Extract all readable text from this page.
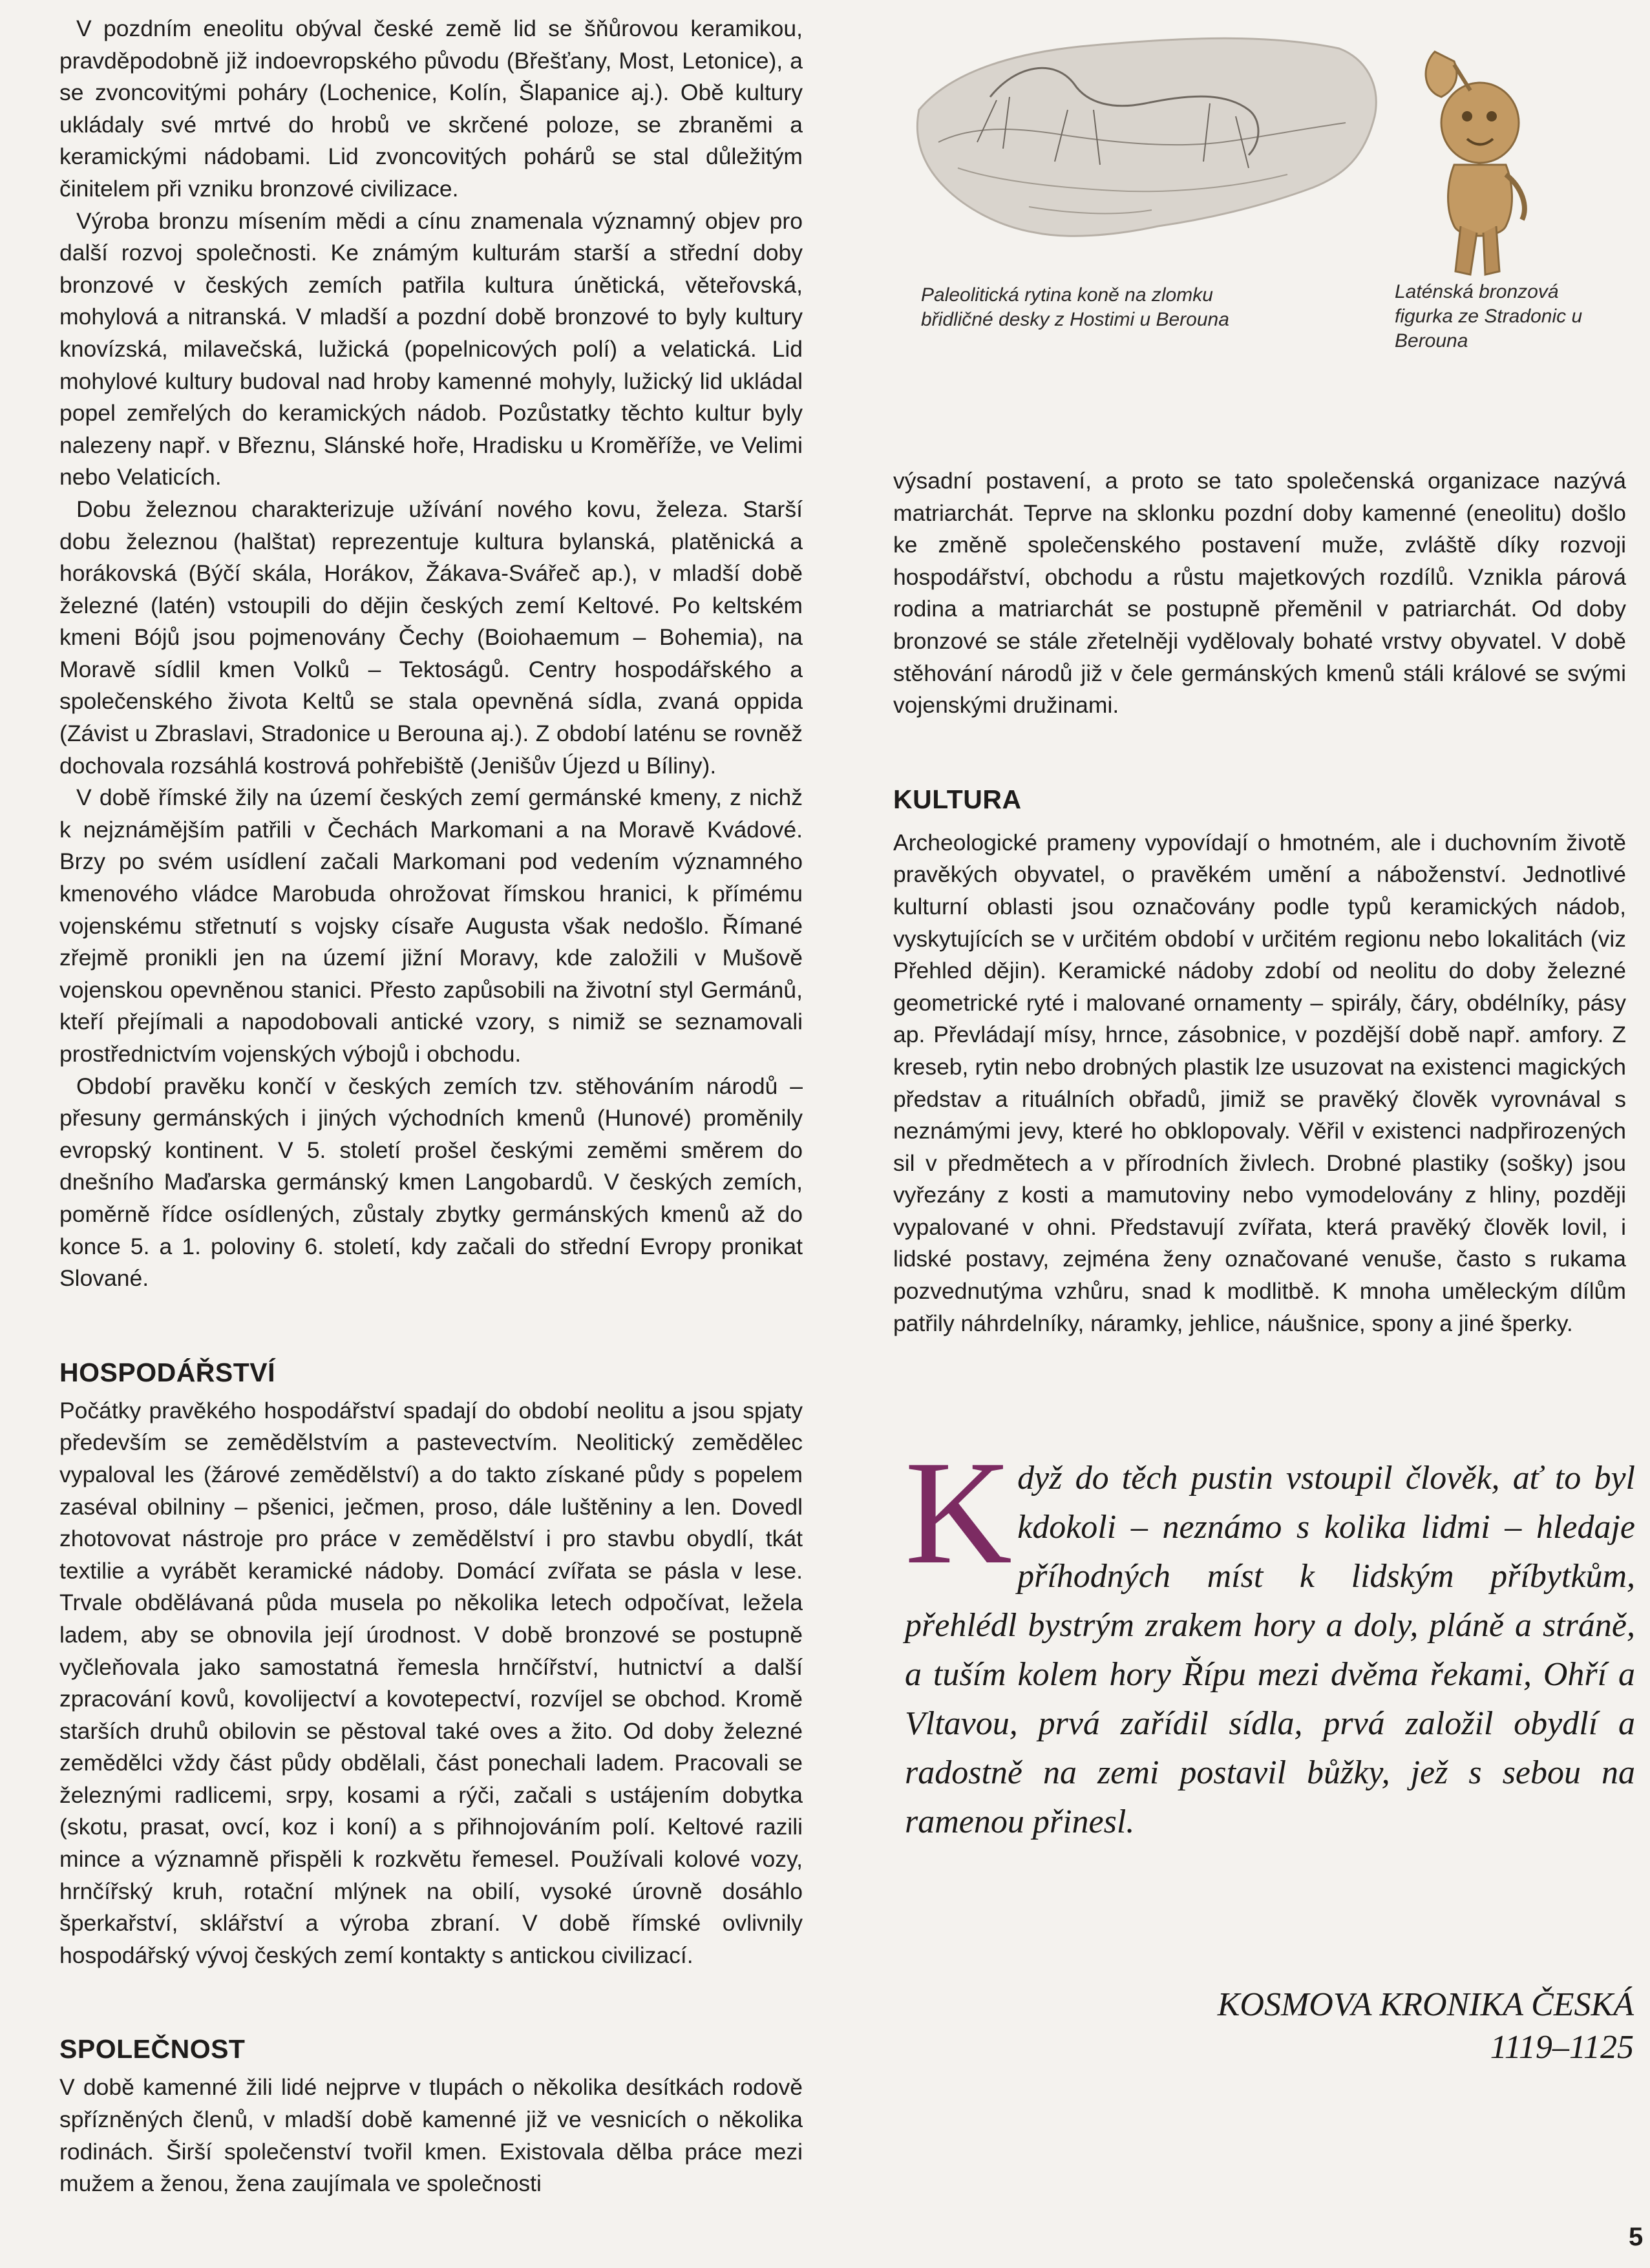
V pozdním eneolitu obýval české země lid se šňůrovou keramikou, pravděpodobně již indoevropského původu (Břešťany, Most, Letonice), a se zvoncovitými poháry (Lochenice, Kolín, Šlapanice aj.). Obě kultury ukládaly své mrtvé do hrobů ve skrčené poloze, se zbraněmi a keramickými nádobami. Lid zvoncovitých pohárů se stal důležitým činitelem při vzniku bronzové civilizace.

Výroba bronzu mísením mědi a cínu znamenala významný objev pro další rozvoj společnosti. Ke známým kulturám starší a střední doby bronzové v českých zemích patřila kultura únětická, věteřovská, mohylová a nitranská. V mladší a pozdní době bronzové to byly kultury knovízská, milavečská, lužická (popelnicových polí) a velatická. Lid mohylové kultury budoval nad hroby kamenné mohyly, lužický lid ukládal popel zemřelých do keramických nádob. Pozůstatky těchto kultur byly nalezeny např. v Březnu, Slánské hoře, Hradisku u Kroměříže, ve Velimi nebo Velaticích.

Dobu železnou charakterizuje užívání nového kovu, železa. Starší dobu železnou (halštat) reprezentuje kultura bylanská, platěnická a horákovská (Býčí skála, Horákov, Žákava-Svářeč ap.), v mladší době železné (latén) vstoupili do dějin českých zemí Keltové. Po keltském kmeni Bójů jsou pojmenovány Čechy (Boiohaemum – Bohemia), na Moravě sídlil kmen Volků – Tektoságů. Centry hospodářského a společenského života Keltů se stala opevněná sídla, zvaná oppida (Závist u Zbraslavi, Stradonice u Berouna aj.). Z období laténu se rovněž dochovala rozsáhlá kostrová pohřebiště (Jenišův Újezd u Bíliny).

V době římské žily na území českých zemí germánské kmeny, z nichž k nejznámějším patřili v Čechách Markomani a na Moravě Kvádové. Brzy po svém usídlení začali Markomani pod vedením významného kmenového vládce Marobuda ohrožovat římskou hranici, k přímému vojenskému střetnutí s vojsky císaře Augusta však nedošlo. Římané zřejmě pronikli jen na území jižní Moravy, kde založili v Mušově vojenskou opevněnou stanici. Přesto zapůsobili na životní styl Germánů, kteří přejímali a napodobovali antické vzory, s nimiž se seznamovali prostřednictvím vojenských výbojů i obchodu.

Období pravěku končí v českých zemích tzv. stěhováním národů – přesuny germánských i jiných východních kmenů (Hunové) proměnily evropský kontinent. V 5. století prošel českými zeměmi směrem do dnešního Maďarska germánský kmen Langobardů. V českých zemích, poměrně řídce osídlených, zůstaly zbytky germánských kmenů až do konce 5. a 1. poloviny 6. století, kdy začali do střední Evropy pronikat Slované.

HOSPODÁŘSTVÍ

Počátky pravěkého hospodářství spadají do období neolitu a jsou spjaty především se zemědělstvím a pastevectvím. Neolitický zemědělec vypaloval les (žárové zemědělství) a do takto získané půdy s popelem zaséval obilniny – pšenici, ječmen, proso, dále luštěniny a len. Dovedl zhotovovat nástroje pro práce v zemědělství i pro stavbu obydlí, tkát textilie a vyrábět keramické nádoby. Domácí zvířata se pásla v lese. Trvale obdělávaná půda musela po několika letech odpočívat, ležela ladem, aby se obnovila její úrodnost. V době bronzové se postupně vyčleňovala jako samostatná řemesla hrnčířství, hutnictví a další zpracování kovů, kovolijectví a kovotepectví, rozvíjel se obchod. Kromě starších druhů obilovin se pěstoval také oves a žito. Od doby železné zemědělci vždy část půdy obdělali, část ponechali ladem. Pracovali se železnými radlicemi, srpy, kosami a rýči, začali s ustájením dobytka (skotu, prasat, ovcí, koz i koní) a s přihnojováním polí. Keltové razili mince a významně přispěli k rozkvětu řemesel. Používali kolové vozy, hrnčířský kruh, rotační mlýnek na obilí, vysoké úrovně dosáhlo šperkařství, sklářství a výroba zbraní. V době římské ovlivnily hospodářský vývoj českých zemí kontakty s antickou civilizací.

SPOLEČNOST

V době kamenné žili lidé nejprve v tlupách o několika desítkách rodově spřízněných členů, v mladší době kamenné již ve vesnicích o několika rodinách. Širší společenství tvořil kmen. Existovala dělba práce mezi mužem a ženou, žena zaujímala ve společnosti

Paleolitická rytina koně na zlomku břidličné desky z Hostimi u Berouna
Laténská bronzová figurka ze Stradonic u Berouna

výsadní postavení, a proto se tato společenská organizace nazývá matriarchát. Teprve na sklonku pozdní doby kamenné (eneolitu) došlo ke změně společenského postavení muže, zvláště díky rozvoji hospodářství, obchodu a růstu majetkových rozdílů. Vznikla párová rodina a matriarchát se postupně přeměnil v patriarchát. Od doby bronzové se stále zřetelněji vydělovaly bohaté vrstvy obyvatel. V době stěhování národů již v čele germánských kmenů stáli králové se svými vojenskými družinami.

KULTURA

Archeologické prameny vypovídají o hmotném, ale i duchovním životě pravěkých obyvatel, o pravěkém umění a náboženství. Jednotlivé kulturní oblasti jsou označovány podle typů keramických nádob, vyskytujících se v určitém období v určitém regionu nebo lokalitách (viz Přehled dějin). Keramické nádoby zdobí od neolitu do doby železné geometrické ryté i malované ornamenty – spirály, čáry, obdélníky, pásy ap. Převládají mísy, hrnce, zásobnice, v pozdější době např. amfory. Z kreseb, rytin nebo drobných plastik lze usuzovat na existenci magických představ a rituálních obřadů, jimiž se pravěký člověk vyrovnával s neznámými jevy, které ho obklopovaly. Věřil v existenci nadpřirozených sil v předmětech a v přírodních živlech. Drobné plastiky (sošky) jsou vyřezány z kosti a mamutoviny nebo vymodelovány z hliny, později vypalované v ohni. Představují zvířata, která pravěký člověk lovil, i lidské postavy, zejména ženy označované venuše, často s rukama pozvednutýma vzhůru, snad k modlitbě. K mnoha uměleckým dílům patřily náhrdelníky, náramky, jehlice, náušnice, spony a jiné šperky.

Když do těch pustin vstoupil člověk, ať to byl kdokoli – neznámo s kolika lidmi – hledaje příhodných míst k lidským příbytkům, přehlédl bystrým zrakem hory a doly, pláně a stráně, a tuším kolem hory Řípu mezi dvěma řekami, Ohří a Vltavou, prvá zařídil sídla, prvá založil obydlí a radostně na zemi postavil bůžky, jež s sebou na ramenou přinesl.
KOSMOVA KRONIKA ČESKÁ
1119–1125
5
